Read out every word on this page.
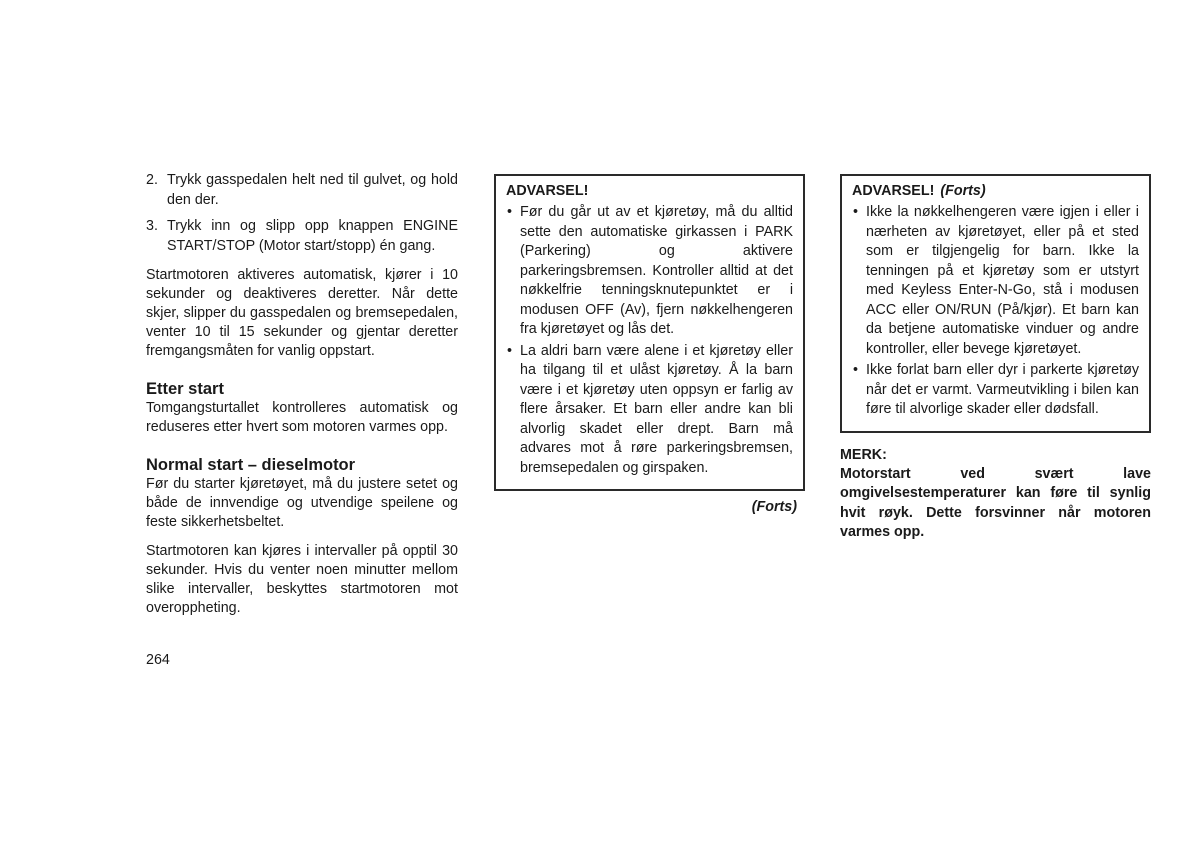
2. Trykk gasspedalen helt ned til gulvet, og hold den der.
3. Trykk inn og slipp opp knappen ENGINE START/STOP (Motor start/stopp) én gang.

Startmotoren aktiveres automatisk, kjører i 10 sekunder og deaktiveres deretter. Når dette skjer, slipper du gasspedalen og bremsepedalen, venter 10 til 15 sekunder og gjentar deretter fremgangsmåten for vanlig oppstart.

Etter start

Tomgangsturtallet kontrolleres automatisk og reduseres etter hvert som motoren varmes opp.

Normal start – dieselmotor

Før du starter kjøretøyet, må du justere setet og både de innvendige og utvendige speilene og feste sikkerhetsbeltet.

Startmotoren kan kjøres i intervaller på opptil 30 sekunder. Hvis du venter noen minutter mellom slike intervaller, beskyttes startmotoren mot overoppheting.

ADVARSEL!
• Før du går ut av et kjøretøy, må du alltid sette den automatiske girkassen i PARK (Parkering) og aktivere parkeringsbremsen. Kontroller alltid at det nøkkelfrie tenningsknutepunktet er i modusen OFF (Av), fjern nøkkelhengeren fra kjøretøyet og lås det.
• La aldri barn være alene i et kjøretøy eller ha tilgang til et ulåst kjøretøy. Å la barn være i et kjøretøy uten oppsyn er farlig av flere årsaker. Et barn eller andre kan bli alvorlig skadet eller drept. Barn må advares mot å røre parkeringsbremsen, bremsepedalen og girspaken.
(Forts)
ADVARSEL! (Forts)
• Ikke la nøkkelhengeren være igjen i eller i nærheten av kjøretøyet, eller på et sted som er tilgjengelig for barn. Ikke la tenningen på et kjøretøy som er utstyrt med Keyless Enter-N-Go, stå i modusen ACC eller ON/RUN (På/kjør). Et barn kan da betjene automatiske vinduer og andre kontroller, eller bevege kjøretøyet.
• Ikke forlat barn eller dyr i parkerte kjøretøy når det er varmt. Varmeutvikling i bilen kan føre til alvorlige skader eller dødsfall.
MERK:

Motorstart ved svært lave omgivelsestemperaturer kan føre til synlig hvit røyk. Dette forsvinner når motoren varmes opp.

264
